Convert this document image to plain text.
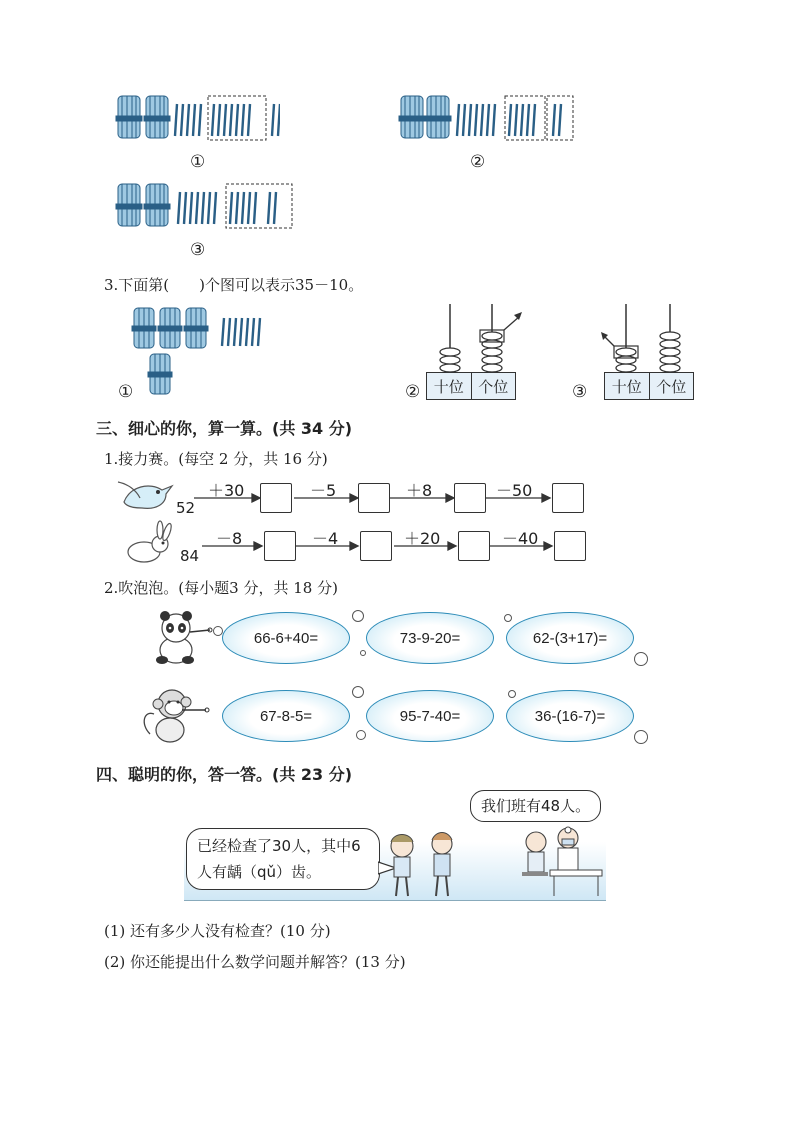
①	②
③
3.下面第(　　)个图可以表示35－10。
①	十位 个位
②	十位 个位
③
三、细心的你，算一算。(共 34 分)
1.接力赛。(每空 2 分，共 16 分)
52
＋30	－5	＋8	－50
84
－8	－4	＋20	－40
2.吹泡泡。(每小题3 分，共 18 分)
66-6+40=	73-9-20=	62-(3+17)=
67-8-5=	95-7-40=	36-(16-7)=
四、聪明的你，答一答。(共 23 分)
已经检查了30人，其中6人有龋（qǔ）齿。
我们班有48人。
(1) 还有多少人没有检查？(10 分)
(2) 你还能提出什么数学问题并解答？(13 分)
